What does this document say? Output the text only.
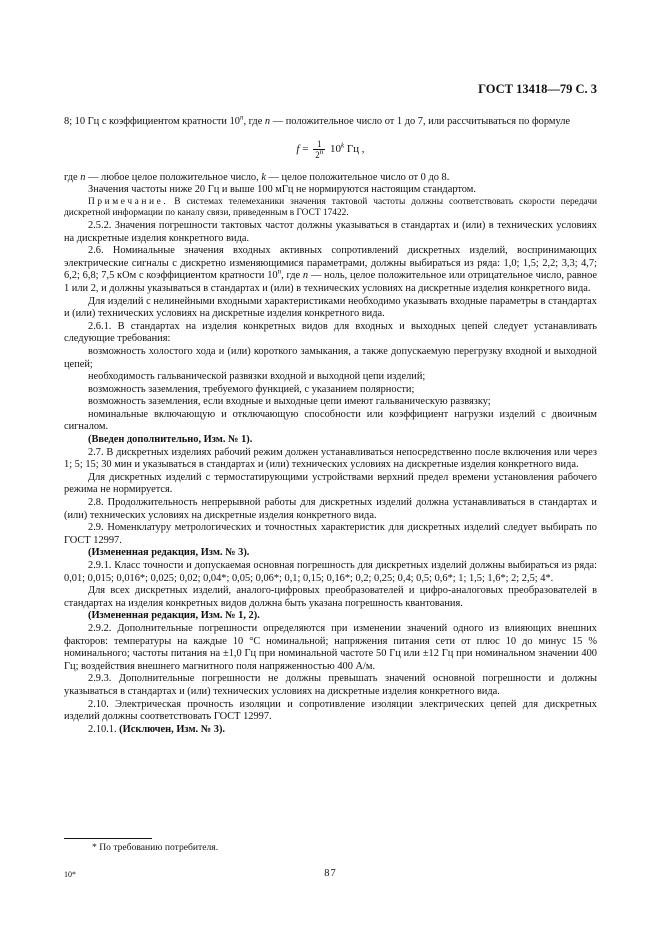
ГОСТ 13418—79 С. 3

8; 10 Гц с коэффициентом кратности 10$^n$, где n — положительное число от 1 до 7, или рассчитываться по формуле

$f = \frac{1}{2^n} 10^k$ Гц ,

где n — любое целое положительное число, k — целое положительное число от 0 до 8.

Значения частоты ниже 20 Гц и выше 100 мГц не нормируются настоящим стандартом.

Примечание. В системах телемеханики значения тактовой частоты должны соответствовать скорости передачи дискретной информации по каналу связи, приведенным в ГОСТ 17422.

2.5.2. Значения погрешности тактовых частот должны указываться в стандартах и (или) в технических условиях на дискретные изделия конкретного вида.

2.6. Номинальные значения входных активных сопротивлений дискретных изделий, воспринимающих электрические сигналы с дискретно изменяющимися параметрами, должны выбираться из ряда: 1,0; 1,5; 2,2; 3,3; 4,7; 6,2; 6,8; 7,5 кОм с коэффициентом кратности 10$^n$, где n — ноль, целое положительное или отрицательное число, равное 1 или 2, и должны указываться в стандартах и (или) в технических условиях на дискретные изделия конкретного вида.

Для изделий с нелинейными входными характеристиками необходимо указывать входные параметры в стандартах и (или) технических условиях на дискретные изделия конкретного вида.

2.6.1. В стандартах на изделия конкретных видов для входных и выходных цепей следует устанавливать следующие требования:

возможность холостого хода и (или) короткого замыкания, а также допускаемую перегрузку входной и выходной цепей;

необходимость гальванической развязки входной и выходной цепи изделий;

возможность заземления, требуемого функцией, с указанием полярности;

возможность заземления, если входные и выходные цепи имеют гальваническую развязку;

номинальные включающую и отключающую способности или коэффициент нагрузки изделий с двоичным сигналом.

(Введен дополнительно, Изм. № 1).

2.7. В дискретных изделиях рабочий режим должен устанавливаться непосредственно после включения или через 1; 5; 15; 30 мин и указываться в стандартах и (или) технических условиях на дискретные изделия конкретного вида.

Для дискретных изделий с термостатирующими устройствами верхний предел времени установления рабочего режима не нормируется.

2.8. Продолжительность непрерывной работы для дискретных изделий должна устанавливаться в стандартах и (или) технических условиях на дискретные изделия конкретного вида.

2.9. Номенклатуру метрологических и точностных характеристик для дискретных изделий следует выбирать по ГОСТ 12997.

(Измененная редакция, Изм. № 3).

2.9.1. Класс точности и допускаемая основная погрешность для дискретных изделий должны выбираться из ряда: 0,01; 0,015; 0,016*; 0,025; 0,02; 0,04*; 0,05; 0,06*; 0,1; 0,15; 0,16*; 0,2; 0,25; 0,4; 0,5; 0,6*; 1; 1,5; 1,6*; 2; 2,5; 4*.

Для всех дискретных изделий, аналого-цифровых преобразователей и цифро-аналоговых преобразователей в стандартах на изделия конкретных видов должна быть указана погрешность квантования.

(Измененная редакция, Изм. № 1, 2).

2.9.2. Дополнительные погрешности определяются при изменении значений одного из влияющих внешних факторов: температуры на каждые 10 °С номинальной; напряжения питания сети от плюс 10 до минус 15 % номинального; частоты питания на ±1,0 Гц при номинальной частоте 50 Гц или ±12 Гц при номинальном значении 400 Гц; воздействия внешнего магнитного поля напряженностью 400 А/м.

2.9.3. Дополнительные погрешности не должны превышать значений основной погрешности и должны указываться в стандартах и (или) технических условиях на дискретные изделия конкретного вида.

2.10. Электрическая прочность изоляции и сопротивление изоляции электрических цепей для дискретных изделий должны соответствовать ГОСТ 12997.

2.10.1. (Исключен, Изм. № 3).

* По требованию потребителя.
10*	87
